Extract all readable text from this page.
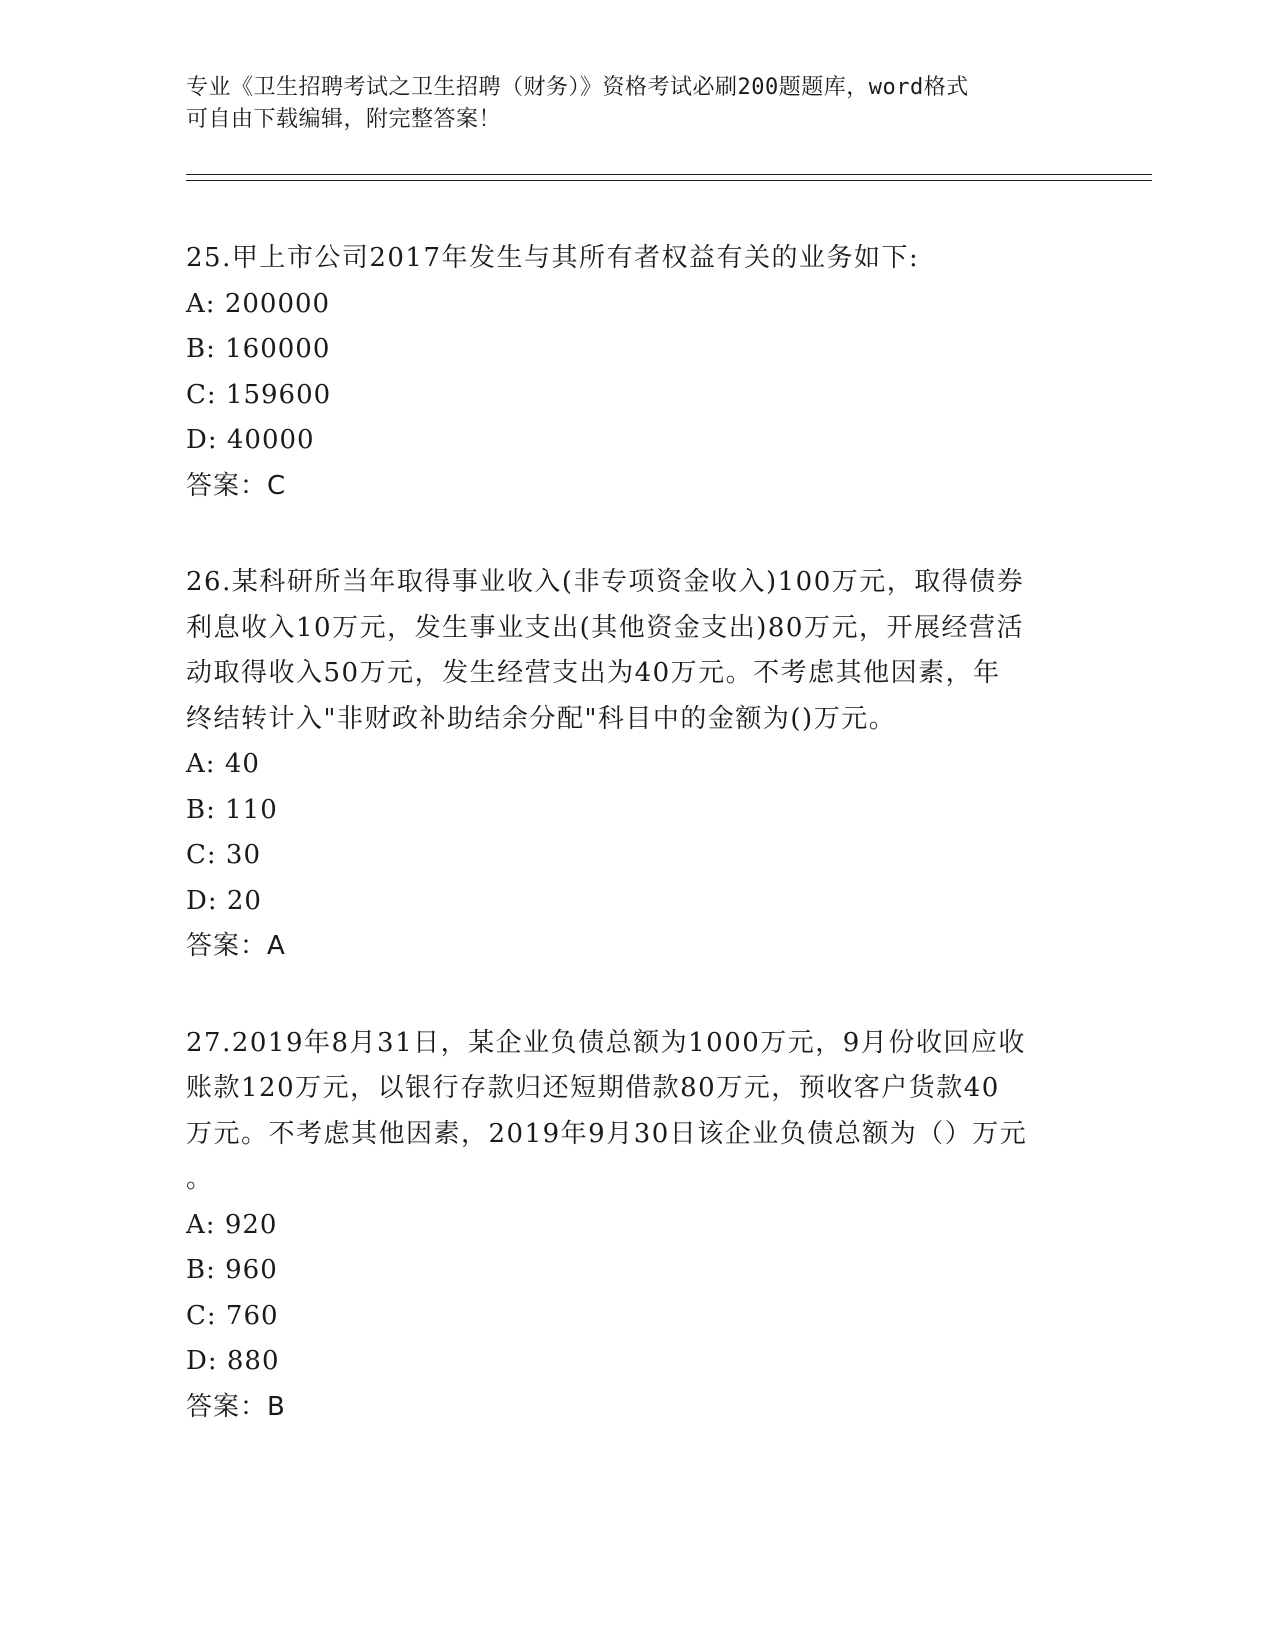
专业《卫生招聘考试之卫生招聘（财务）》资格考试必刷200题题库，word格式
可自由下载编辑，附完整答案！

25.甲上市公司2017年发生与其所有者权益有关的业务如下:

A: 200000

B: 160000

C: 159600

D: 40000

答案：C

26.某科研所当年取得事业收入(非专项资金收入)100万元，取得债券

利息收入10万元，发生事业支出(其他资金支出)80万元，开展经营活

动取得收入50万元，发生经营支出为40万元。不考虑其他因素，年

终结转计入"非财政补助结余分配"科目中的金额为()万元。

A: 40

B: 110

C: 30

D: 20

答案：A

27.2019年8月31日，某企业负债总额为1000万元，9月份收回应收

账款120万元，以银行存款归还短期借款80万元，预收客户货款40

万元。不考虑其他因素，2019年9月30日该企业负债总额为（）万元

。

A: 920

B: 960

C: 760

D: 880

答案：B
